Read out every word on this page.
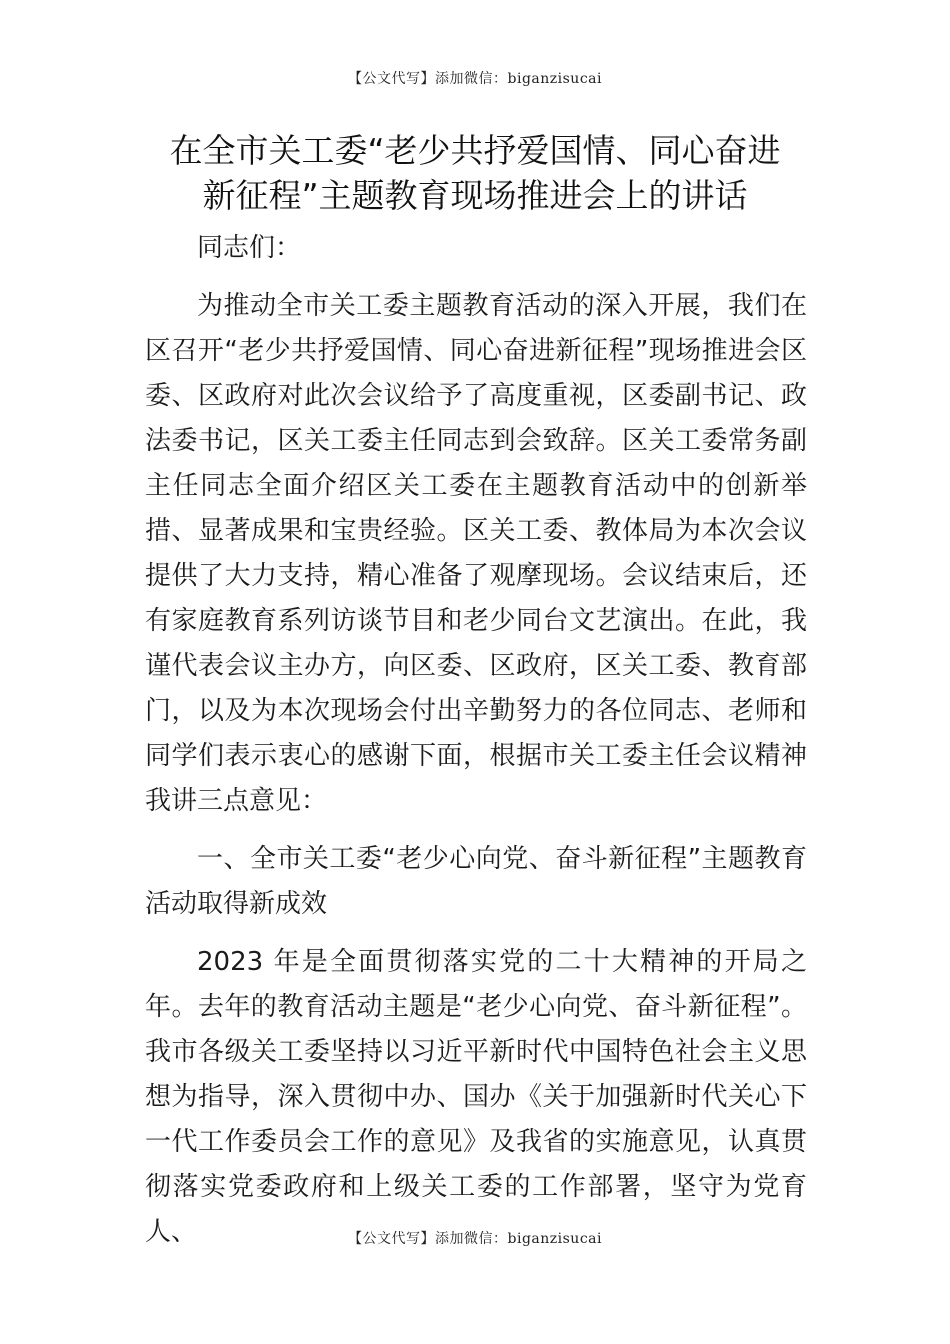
【公文代写】添加微信：biganzisucai
在全市关工委“老少共抒爱国情、同心奋进
新征程”主题教育现场推进会上的讲话

同志们：

为推动全市关工委主题教育活动的深入开展，我们在区召开“老少共抒爱国情、同心奋进新征程”现场推进会区委、区政府对此次会议给予了高度重视，区委副书记、政法委书记，区关工委主任同志到会致辞。区关工委常务副主任同志全面介绍区关工委在主题教育活动中的创新举措、显著成果和宝贵经验。区关工委、教体局为本次会议提供了大力支持，精心准备了观摩现场。会议结束后，还有家庭教育系列访谈节目和老少同台文艺演出。在此，我谨代表会议主办方，向区委、区政府，区关工委、教育部门，以及为本次现场会付出辛勤努力的各位同志、老师和同学们表示衷心的感谢下面，根据市关工委主任会议精神我讲三点意见：

一、全市关工委“老少心向党、奋斗新征程”主题教育活动取得新成效

2023 年是全面贯彻落实党的二十大精神的开局之年。去年的教育活动主题是“老少心向党、奋斗新征程”。我市各级关工委坚持以习近平新时代中国特色社会主义思想为指导，深入贯彻中办、国办《关于加强新时代关心下一代工作委员会工作的意见》及我省的实施意见，认真贯彻落实党委政府和上级关工委的工作部署，坚守为党育人、	【公文代写】添加微信：biganzisucai
